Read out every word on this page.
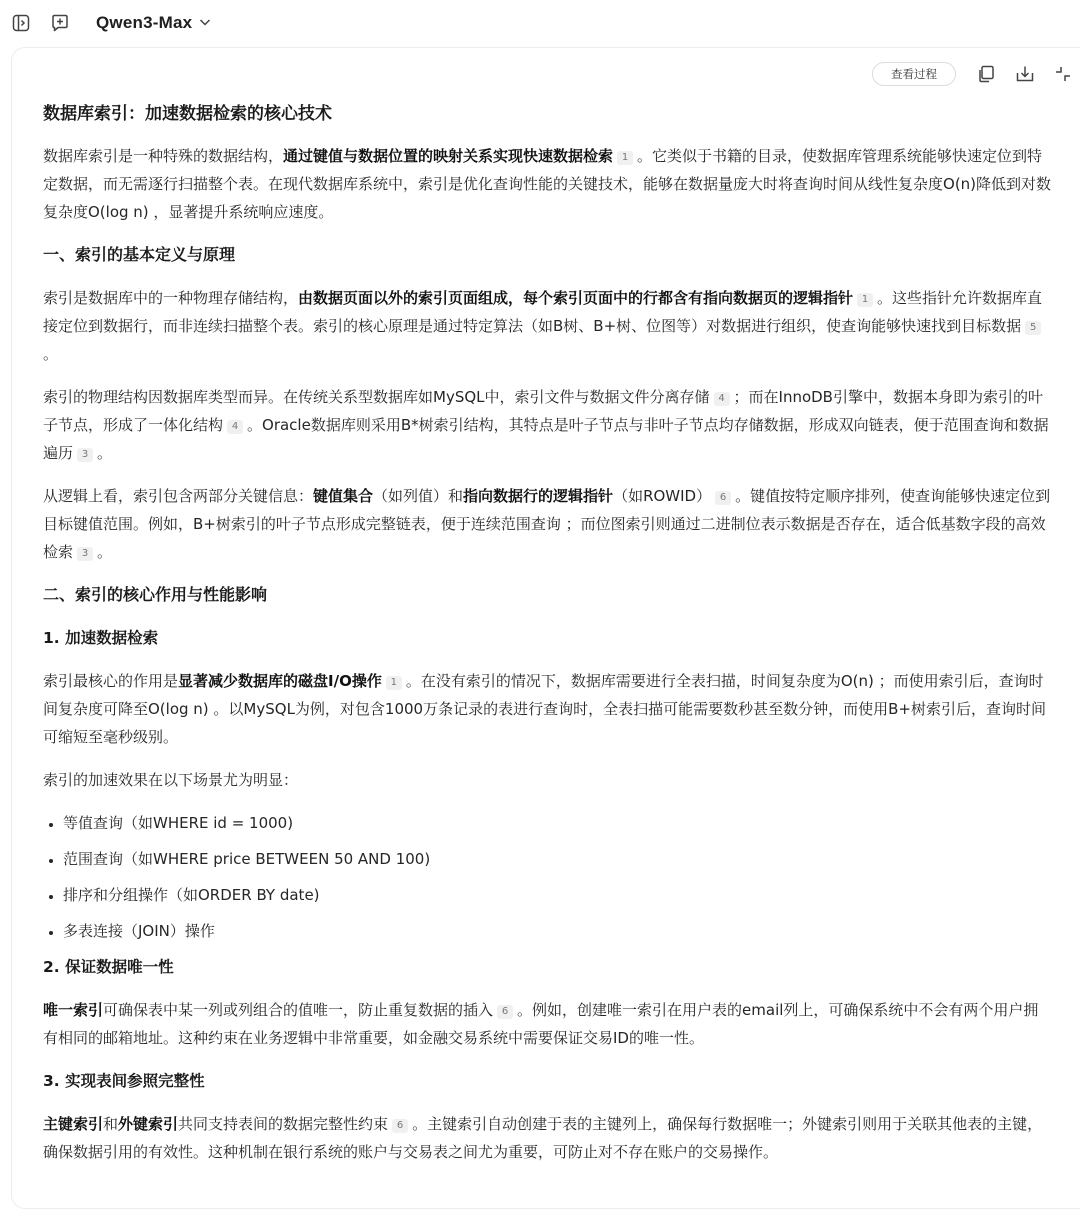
Qwen3-Max
查看过程
数据库索引：加速数据检索的核心技术

数据库索引是一种特殊的数据结构，通过键值与数据位置的映射关系实现快速数据检索 1 。它类似于书籍的目录，使数据库管理系统能够快速定位到特定数据，而无需逐行扫描整个表。在现代数据库系统中，索引是优化查询性能的关键技术，能够在数据量庞大时将查询时间从线性复杂度O(n)降低到对数复杂度O(log n) ，显著提升系统响应速度。

一、索引的基本定义与原理

索引是数据库中的一种物理存储结构，由数据页面以外的索引页面组成，每个索引页面中的行都含有指向数据页的逻辑指针 1 。这些指针允许数据库直接定位到数据行，而非连续扫描整个表。索引的核心原理是通过特定算法（如B树、B+树、位图等）对数据进行组织，使查询能够快速找到目标数据 5。

索引的物理结构因数据库类型而异。在传统关系型数据库如MySQL中，索引文件与数据文件分离存储 4 ；而在InnoDB引擎中，数据本身即为索引的叶子节点，形成了一体化结构 4 。Oracle数据库则采用B*树索引结构，其特点是叶子节点与非叶子节点均存储数据，形成双向链表，便于范围查询和数据遍历 3 。

从逻辑上看，索引包含两部分关键信息：键值集合（如列值）和指向数据行的逻辑指针（如ROWID） 6 。键值按特定顺序排列，使查询能够快速定位到目标键值范围。例如，B+树索引的叶子节点形成完整链表，便于连续范围查询 ；而位图索引则通过二进制位表示数据是否存在，适合低基数字段的高效检索 3 。

二、索引的核心作用与性能影响
1. 加速数据检索

索引最核心的作用是显著减少数据库的磁盘I/O操作 1 。在没有索引的情况下，数据库需要进行全表扫描，时间复杂度为O(n) ；而使用索引后，查询时间复杂度可降至O(log n) 。以MySQL为例，对包含1000万条记录的表进行查询时，全表扫描可能需要数秒甚至数分钟，而使用B+树索引后，查询时间可缩短至毫秒级别。

索引的加速效果在以下场景尤为明显：

• 等值查询（如WHERE id = 1000)
• 范围查询（如WHERE price BETWEEN 50 AND 100)
• 排序和分组操作（如ORDER BY date)
• 多表连接（JOIN）操作
2. 保证数据唯一性

唯一索引可确保表中某一列或列组合的值唯一，防止重复数据的插入 6 。例如，创建唯一索引在用户表的email列上，可确保系统中不会有两个用户拥有相同的邮箱地址。这种约束在业务逻辑中非常重要，如金融交易系统中需要保证交易ID的唯一性。

3. 实现表间参照完整性

主键索引和外键索引共同支持表间的数据完整性约束 6 。主键索引自动创建于表的主键列上，确保每行数据唯一；外键索引则用于关联其他表的主键，确保数据引用的有效性。这种机制在银行系统的账户与交易表之间尤为重要，可防止对不存在账户的交易操作。
